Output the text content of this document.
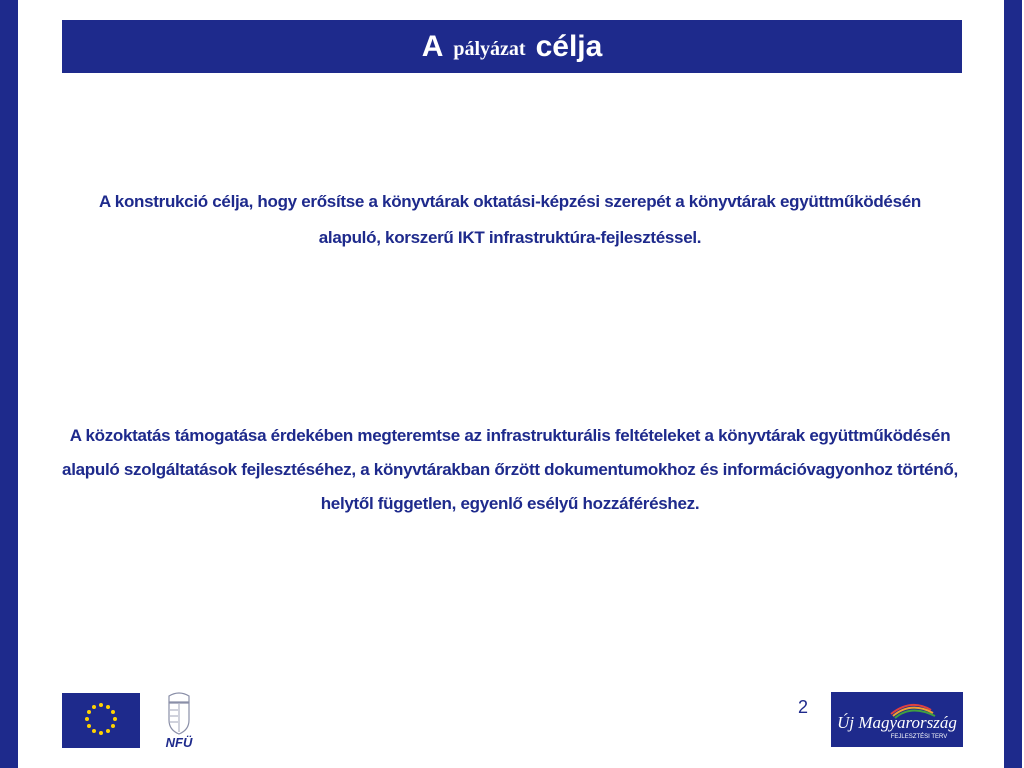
A pályázat célja
A konstrukció célja, hogy erősítse a könyvtárak oktatási-képzési szerepét a könyvtárak együttműködésén alapuló, korszerű IKT infrastruktúra-fejlesztéssel.
A közoktatás támogatása érdekében megteremtse az infrastrukturális feltételeket a könyvtárak együttműködésén alapuló szolgáltatások fejlesztéséhez, a könyvtárakban őrzött dokumentumokhoz és információvagyonhoz történő, helytől független, egyenlő esélyű hozzáféréshez.
2
NFÜ
Új Magyarország
FEJLESZTÉSI TERV
